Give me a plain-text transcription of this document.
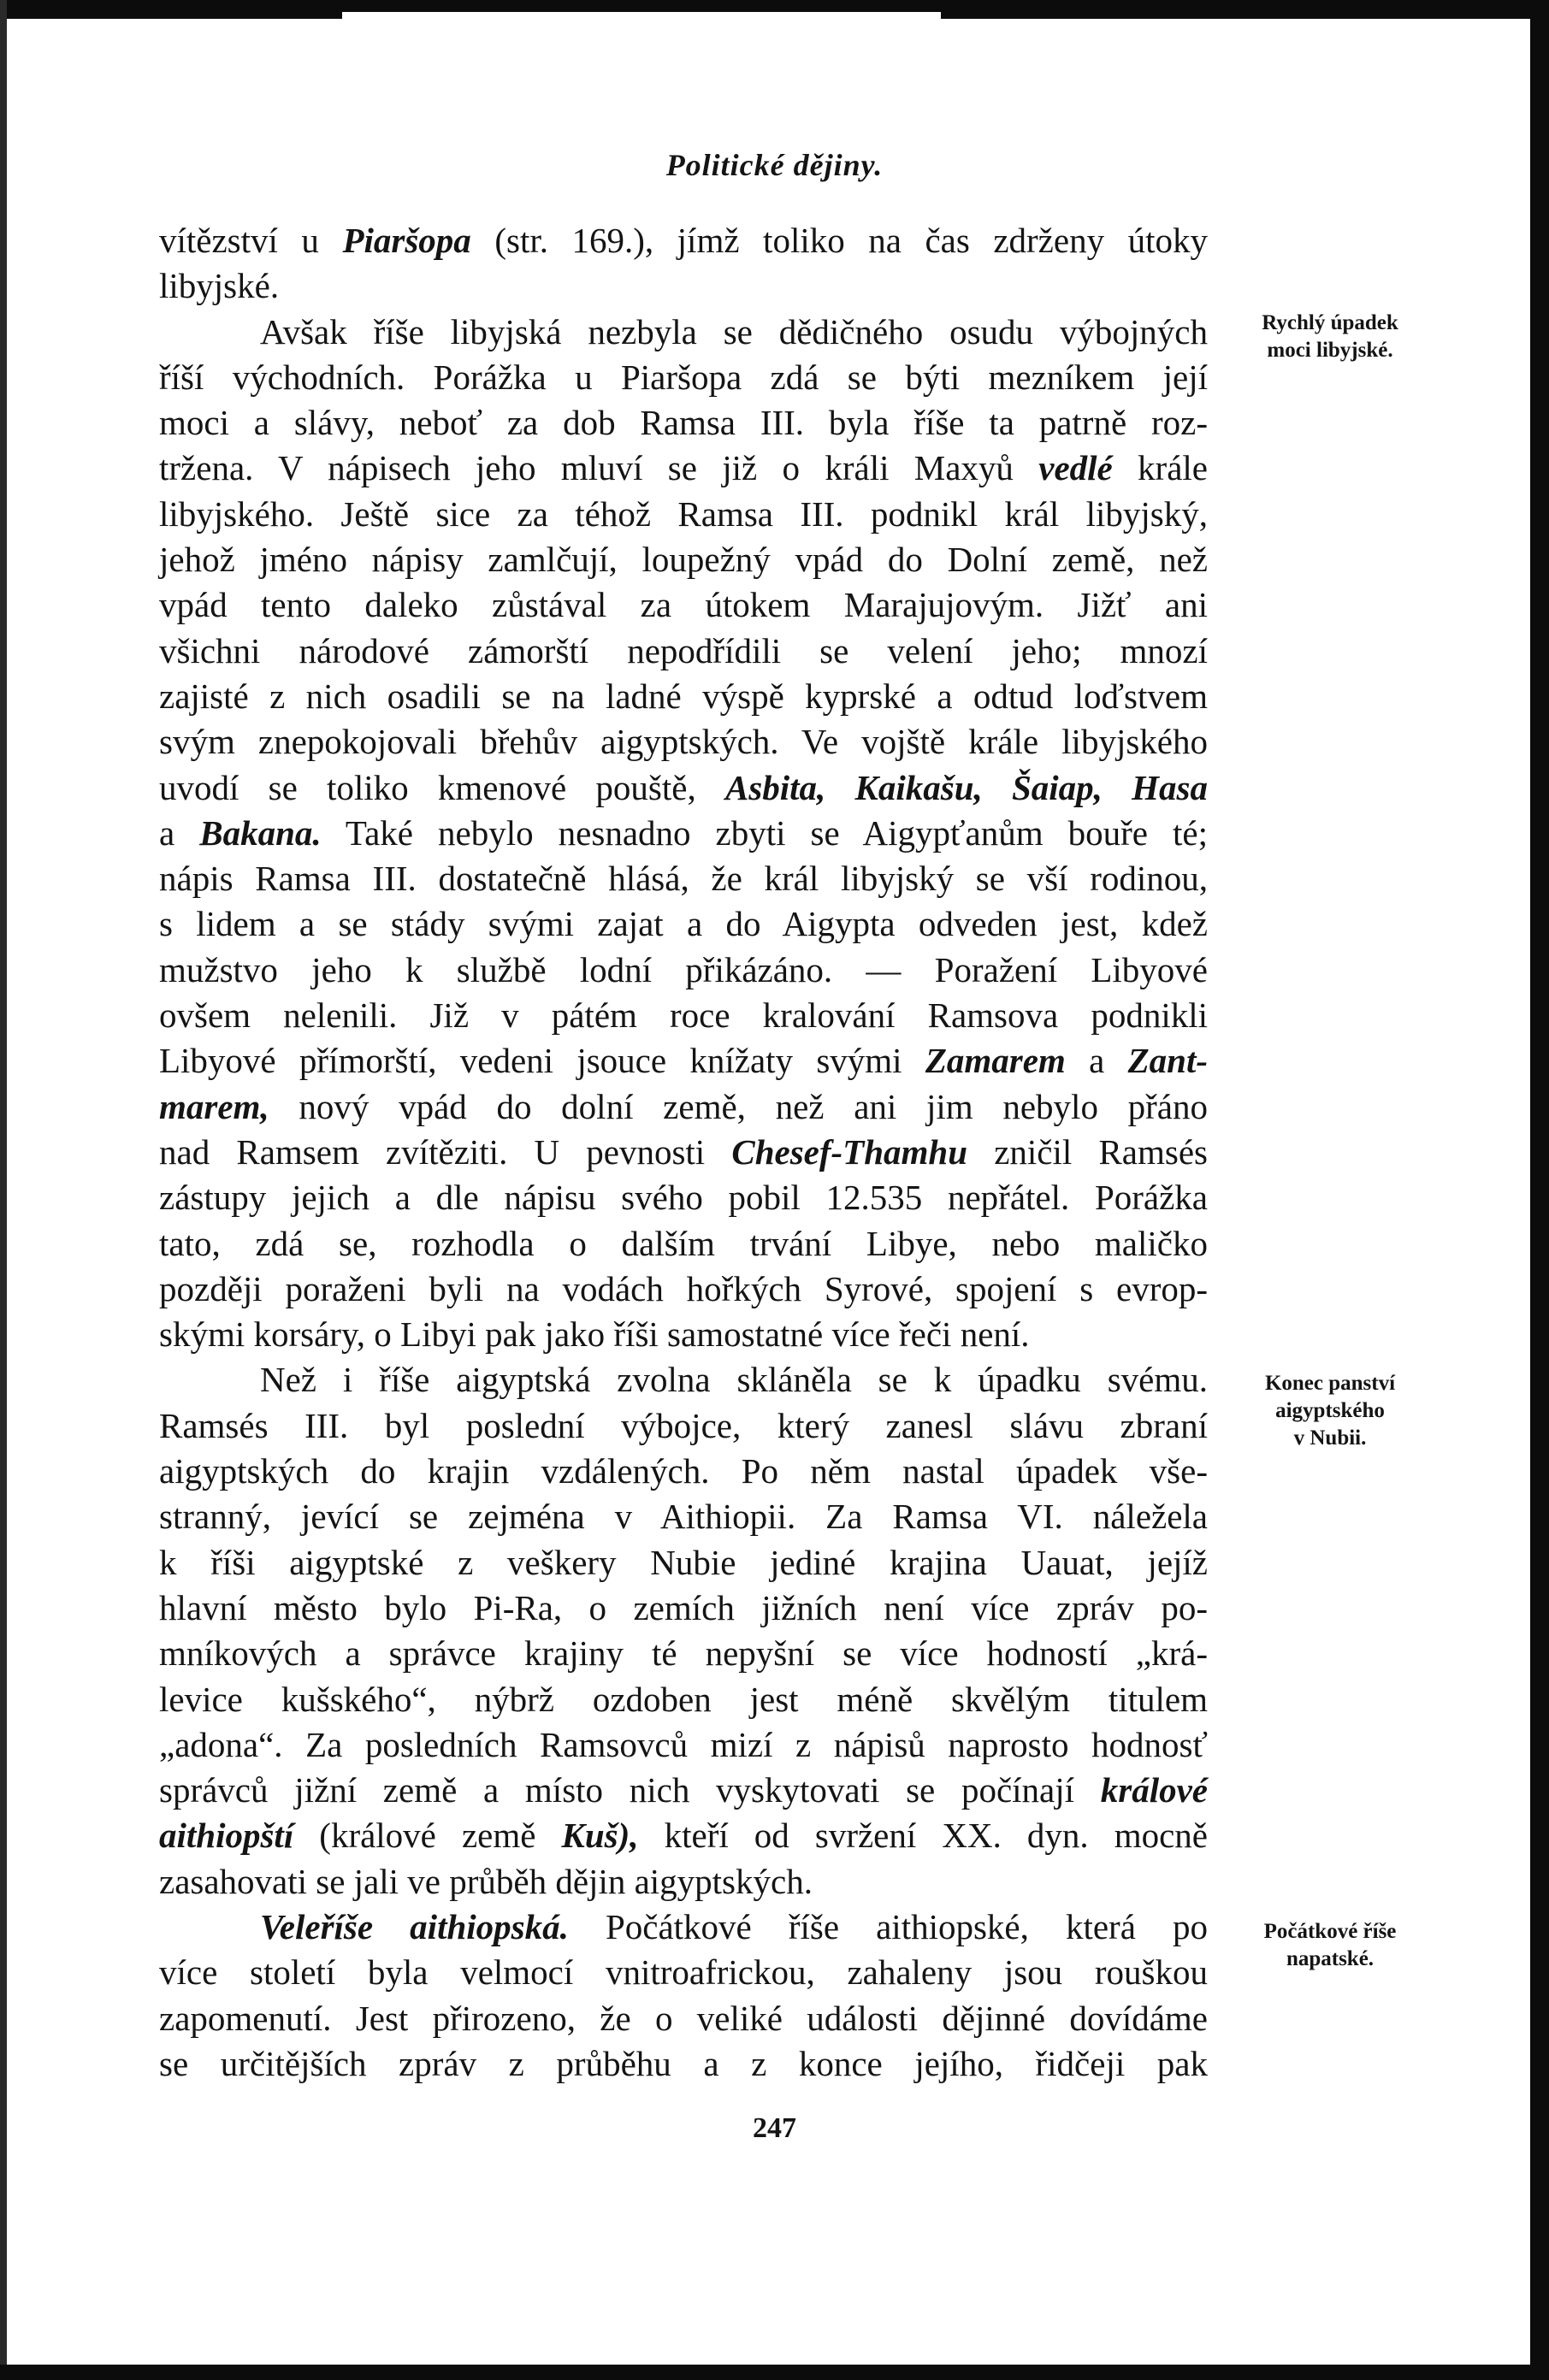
Politické dějiny.
vítězství u Piaršopa (str. 169.), jímž toliko na čas zdrženy útoky
libyjské.
Avšak říše libyjská nezbyla se dědičného osudu výbojných
říší východních. Porážka u Piaršopa zdá se býti mezníkem její
moci a slávy, neboť za dob Ramsa III. byla říše ta patrně roz-
tržena. V nápisech jeho mluví se již o králi Maxyů vedlé krále
libyjského. Ještě sice za téhož Ramsa III. podnikl král libyjský,
jehož jméno nápisy zamlčují, loupežný vpád do Dolní země, než
vpád tento daleko zůstával za útokem Marajujovým. Jižť ani
všichni národové zámorští nepodřídili se velení jeho; mnozí
zajisté z nich osadili se na ladné výspě kyprské a odtud loďstvem
svým znepokojovali břehův aigyptských. Ve vojště krále libyjského
uvodí se toliko kmenové pouště, Asbita, Kaikašu, Šaiap, Hasa
a Bakana. Také nebylo nesnadno zbyti se Aigypťanům bouře té;
nápis Ramsa III. dostatečně hlásá, že král libyjský se vší rodinou,
s lidem a se stády svými zajat a do Aigypta odveden jest, kdež
mužstvo jeho k službě lodní přikázáno. — Poražení Libyové
ovšem nelenili. Již v pátém roce kralování Ramsova podnikli
Libyové přímorští, vedeni jsouce knížaty svými Zamarem a Zant-
marem, nový vpád do dolní země, než ani jim nebylo přáno
nad Ramsem zvítěziti. U pevnosti Chesef-Thamhu zničil Ramsés
zástupy jejich a dle nápisu svého pobil 12.535 nepřátel. Porážka
tato, zdá se, rozhodla o dalším trvání Libye, nebo maličko
později poraženi byli na vodách hořkých Syrové, spojení s evrop-
skými korsáry, o Libyi pak jako říši samostatné více řeči není.
Než i říše aigyptská zvolna skláněla se k úpadku svému.
Ramsés III. byl poslední výbojce, který zanesl slávu zbraní
aigyptských do krajin vzdálených. Po něm nastal úpadek vše-
stranný, jevící se zejména v Aithiopii. Za Ramsa VI. náležela
k říši aigyptské z veškery Nubie jediné krajina Uauat, jejíž
hlavní město bylo Pi-Ra, o zemích jižních není více zpráv po-
mníkových a správce krajiny té nepyšní se více hodností „krá-
levice kušského“, nýbrž ozdoben jest méně skvělým titulem
„adona“. Za posledních Ramsovců mizí z nápisů naprosto hodnosť
správců jižní země a místo nich vyskytovati se počínají králové
aithiopští (králové země Kuš), kteří od svržení XX. dyn. mocně
zasahovati se jali ve průběh dějin aigyptských.
Veleříše aithiopská. Počátkové říše aithiopské, která po
více století byla velmocí vnitroafrickou, zahaleny jsou rouškou
zapomenutí. Jest přirozeno, že o veliké události dějinné dovídáme
se určitějších zpráv z průběhu a z konce jejího, řidčeji pak
Rychlý úpadek
moci libyjské.
Konec panství
aigyptského
v Nubii.
Počátkové říše
napatské.
247
